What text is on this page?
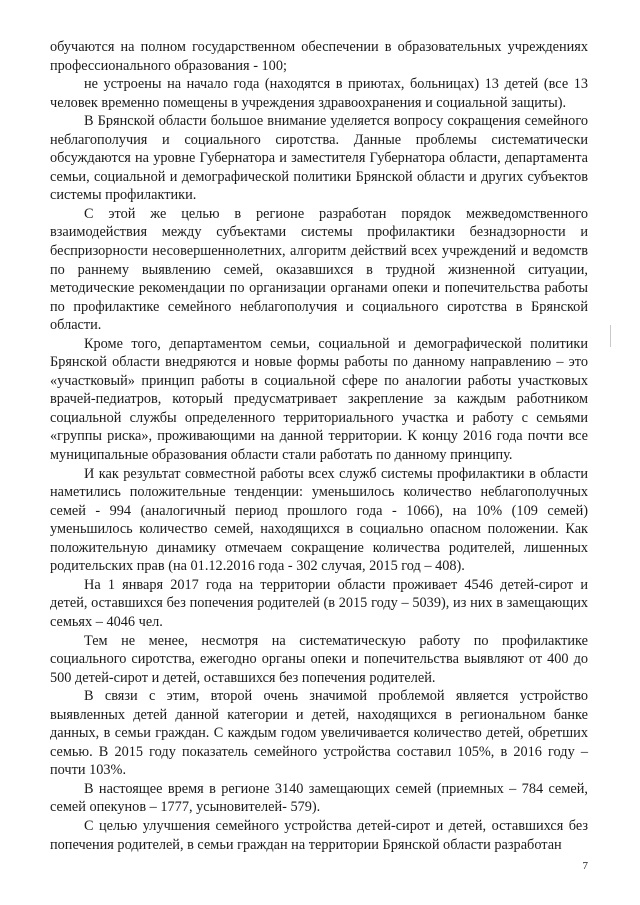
обучаются на полном государственном обеспечении в образовательных учреждениях профессионального образования - 100;

не устроены на начало года (находятся в приютах, больницах) 13 детей (все 13 человек временно помещены в учреждения здравоохранения и социальной защиты).

В Брянской области большое внимание уделяется вопросу сокращения семейного неблагополучия и социального сиротства. Данные проблемы систематически обсуждаются на уровне Губернатора и заместителя Губернатора области, департамента семьи, социальной и демографической политики Брянской области и других субъектов системы профилактики.

С этой же целью в регионе разработан порядок межведомственного взаимодействия между субъектами системы профилактики безнадзорности и беспризорности несовершеннолетних, алгоритм действий всех учреждений и ведомств по раннему выявлению семей, оказавшихся в трудной жизненной ситуации, методические рекомендации по организации органами опеки и попечительства работы по профилактике семейного неблагополучия и социального сиротства в Брянской области.

Кроме того, департаментом семьи, социальной и демографической политики Брянской области внедряются и новые формы работы по данному направлению – это «участковый» принцип работы в социальной сфере по аналогии работы участковых врачей-педиатров, который предусматривает закрепление за каждым работником социальной службы определенного территориального участка и работу с семьями «группы риска», проживающими на данной территории. К концу 2016 года почти все муниципальные образования области стали работать по данному принципу.

И как результат совместной работы всех служб системы профилактики в области наметились положительные тенденции: уменьшилось количество неблагополучных семей - 994 (аналогичный период прошлого года - 1066), на 10% (109 семей) уменьшилось количество семей, находящихся в социально опасном положении. Как положительную динамику отмечаем сокращение количества родителей, лишенных родительских прав (на 01.12.2016 года - 302 случая, 2015 год – 408).

На 1 января 2017 года на территории области проживает 4546 детей-сирот и детей, оставшихся без попечения родителей (в 2015 году – 5039), из них в замещающих семьях – 4046 чел.

Тем не менее, несмотря на систематическую работу по профилактике социального сиротства, ежегодно органы опеки и попечительства выявляют от 400 до 500 детей-сирот и детей, оставшихся без попечения родителей.

В связи с этим, второй очень значимой проблемой является устройство выявленных детей данной категории и детей, находящихся в региональном банке данных, в семьи граждан. С каждым годом увеличивается количество детей, обретших семью. В 2015 году показатель семейного устройства составил 105%, в 2016 году – почти 103%.

В настоящее время в регионе 3140 замещающих семей (приемных – 784 семей, семей опекунов – 1777, усыновителей- 579).

С целью улучшения семейного устройства детей-сирот и детей, оставшихся без попечения родителей, в семьи граждан на территории Брянской области разработан

7
